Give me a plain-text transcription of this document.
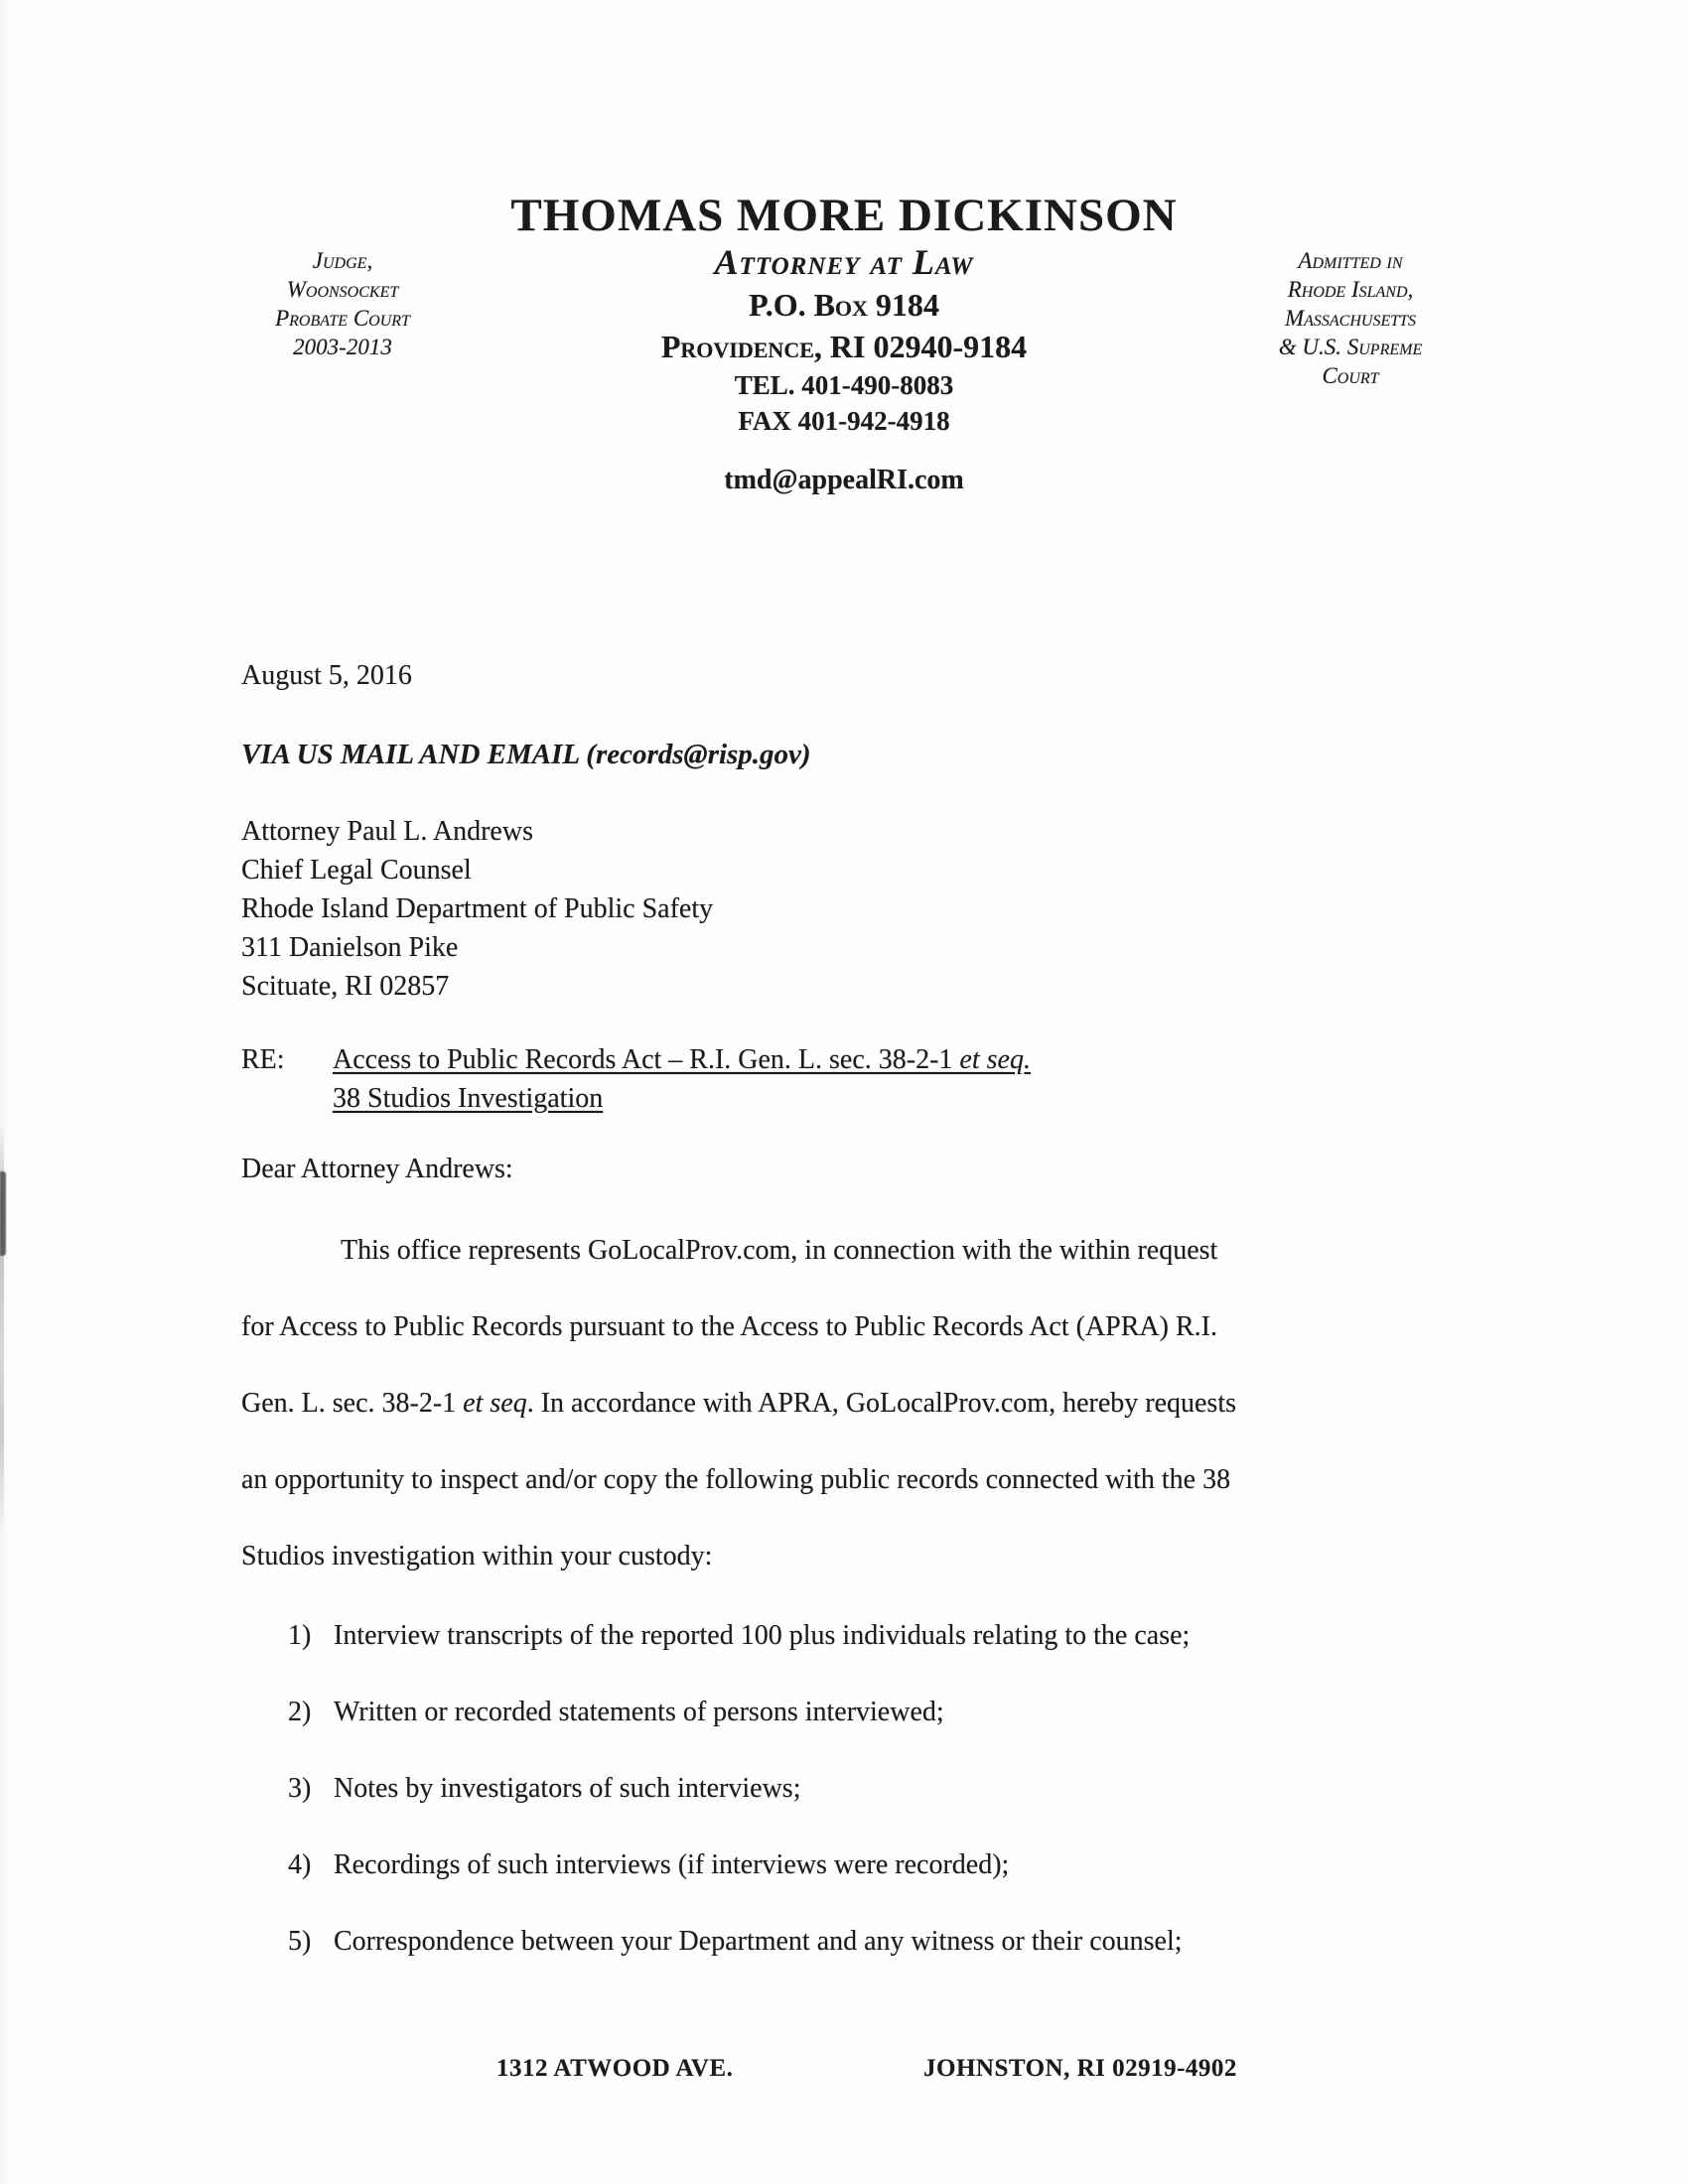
THOMAS MORE DICKINSON
Judge,
Woonsocket
Probate Court
2003-2013
Attorney at Law
P.O. Box 9184
Providence, RI 02940-9184
TEL. 401-490-8083
FAX 401-942-4918
tmd@appealRI.com
Admitted in
Rhode Island,
Massachusetts
& U.S. Supreme
Court
August 5, 2016
VIA US MAIL AND EMAIL (records@risp.gov)
Attorney Paul L. Andrews
Chief Legal Counsel
Rhode Island Department of Public Safety
311 Danielson Pike
Scituate, RI 02857
RE:	Access to Public Records Act – R.I. Gen. L. sec. 38-2-1 et seq.
38 Studios Investigation
Dear Attorney Andrews:
This office represents GoLocalProv.com, in connection with the within request
for Access to Public Records pursuant to the Access to Public Records Act (APRA) R.I.
Gen. L. sec. 38-2-1 et seq. In accordance with APRA, GoLocalProv.com, hereby requests
an opportunity to inspect and/or copy the following public records connected with the 38
Studios investigation within your custody:
1) Interview transcripts of the reported 100 plus individuals relating to the case;
2) Written or recorded statements of persons interviewed;
3) Notes by investigators of such interviews;
4) Recordings of such interviews (if interviews were recorded);
5) Correspondence between your Department and any witness or their counsel;
1312 ATWOOD AVE.	JOHNSTON, RI 02919-4902
